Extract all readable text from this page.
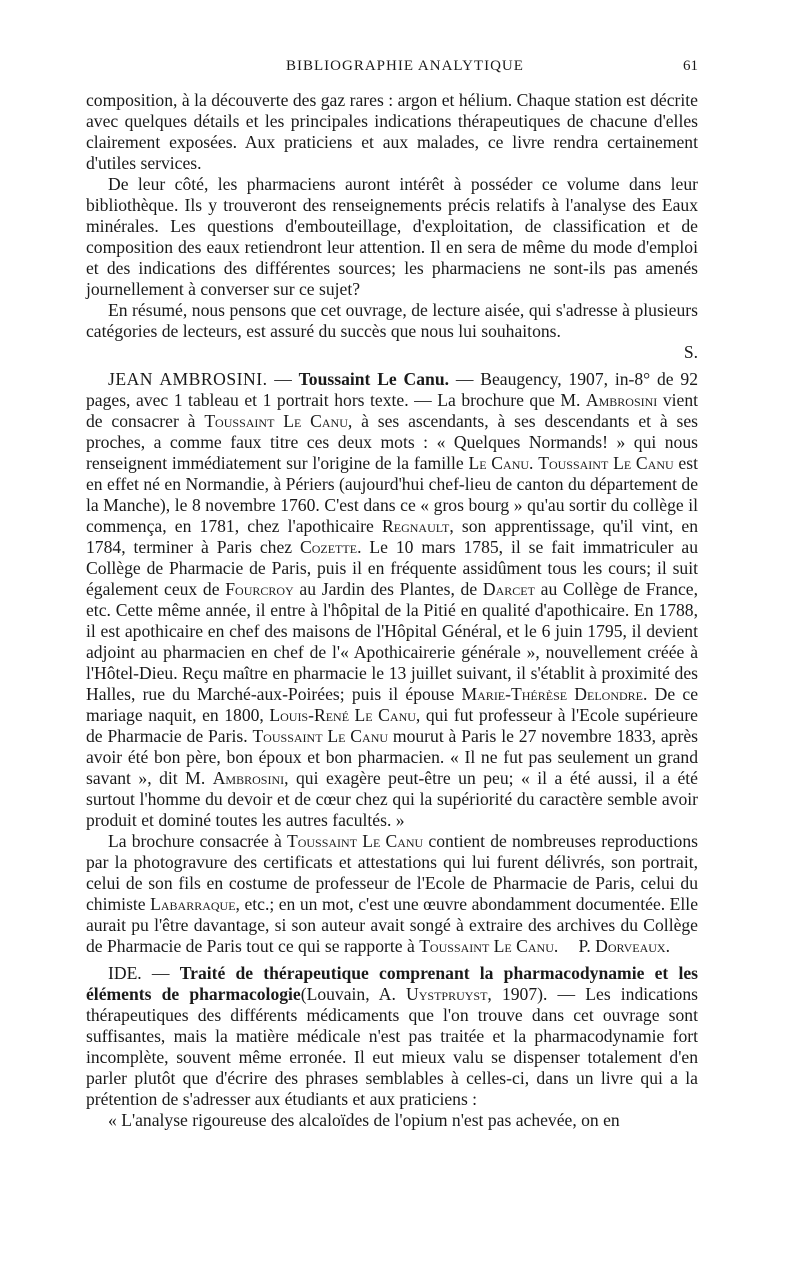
BIBLIOGRAPHIE ANALYTIQUE	61

composition, à la découverte des gaz rares : argon et hélium. Chaque station est décrite avec quelques détails et les principales indications thérapeutiques de chacune d'elles clairement exposées. Aux praticiens et aux malades, ce livre rendra certainement d'utiles services.

De leur côté, les pharmaciens auront intérêt à posséder ce volume dans leur bibliothèque. Ils y trouveront des renseignements précis relatifs à l'analyse des Eaux minérales. Les questions d'embouteillage, d'exploitation, de classification et de composition des eaux retiendront leur attention. Il en sera de même du mode d'emploi et des indications des différentes sources; les pharmaciens ne sont-ils pas amenés journellement à converser sur ce sujet?

En résumé, nous pensons que cet ouvrage, de lecture aisée, qui s'adresse à plusieurs catégories de lecteurs, est assuré du succès que nous lui souhaitons.

S.

JEAN AMBROSINI. — Toussaint Le Canu. — Beaugency, 1907, in-8° de 92 pages, avec 1 tableau et 1 portrait hors texte. — La brochure que M. Ambrosini vient de consacrer à Toussaint Le Canu, à ses ascendants, à ses descendants et à ses proches, a comme faux titre ces deux mots : « Quelques Normands! » qui nous renseignent immédiatement sur l'origine de la famille Le Canu. Toussaint Le Canu est en effet né en Normandie, à Périers (aujourd'hui chef-lieu de canton du département de la Manche), le 8 novembre 1760. C'est dans ce « gros bourg » qu'au sortir du collège il commença, en 1781, chez l'apothicaire Regnault, son apprentissage, qu'il vint, en 1784, terminer à Paris chez Cozette. Le 10 mars 1785, il se fait immatriculer au Collège de Pharmacie de Paris, puis il en fréquente assidûment tous les cours; il suit également ceux de Fourcroy au Jardin des Plantes, de Darcet au Collège de France, etc. Cette même année, il entre à l'hôpital de la Pitié en qualité d'apothicaire. En 1788, il est apothicaire en chef des maisons de l'Hôpital Général, et le 6 juin 1795, il devient adjoint au pharmacien en chef de l'« Apothicairerie générale », nouvellement créée à l'Hôtel-Dieu. Reçu maître en pharmacie le 13 juillet suivant, il s'établit à proximité des Halles, rue du Marché-aux-Poirées; puis il épouse Marie-Thérèse Delondre. De ce mariage naquit, en 1800, Louis-René Le Canu, qui fut professeur à l'Ecole supérieure de Pharmacie de Paris. Toussaint Le Canu mourut à Paris le 27 novembre 1833, après avoir été bon père, bon époux et bon pharmacien. « Il ne fut pas seulement un grand savant », dit M. Ambrosini, qui exagère peut-être un peu; « il a été aussi, il a été surtout l'homme du devoir et de cœur chez qui la supériorité du caractère semble avoir produit et dominé toutes les autres facultés. »

La brochure consacrée à Toussaint Le Canu contient de nombreuses reproductions par la photogravure des certificats et attestations qui lui furent délivrés, son portrait, celui de son fils en costume de professeur de l'Ecole de Pharmacie de Paris, celui du chimiste Labarraque, etc.; en un mot, c'est une œuvre abondamment documentée. Elle aurait pu l'être davantage, si son auteur avait songé à extraire des archives du Collège de Pharmacie de Paris tout ce qui se rapporte à Toussaint Le Canu.	P. Dorveaux.

IDE. — Traité de thérapeutique comprenant la pharmacodynamie et les éléments de pharmacologie(Louvain, A. Uystpruyst, 1907). — Les indications thérapeutiques des différents médicaments que l'on trouve dans cet ouvrage sont suffisantes, mais la matière médicale n'est pas traitée et la pharmacodynamie fort incomplète, souvent même erronée. Il eut mieux valu se dispenser totalement d'en parler plutôt que d'écrire des phrases semblables à celles-ci, dans un livre qui a la prétention de s'adresser aux étudiants et aux praticiens :

« L'analyse rigoureuse des alcaloïdes de l'opium n'est pas achevée, on en
